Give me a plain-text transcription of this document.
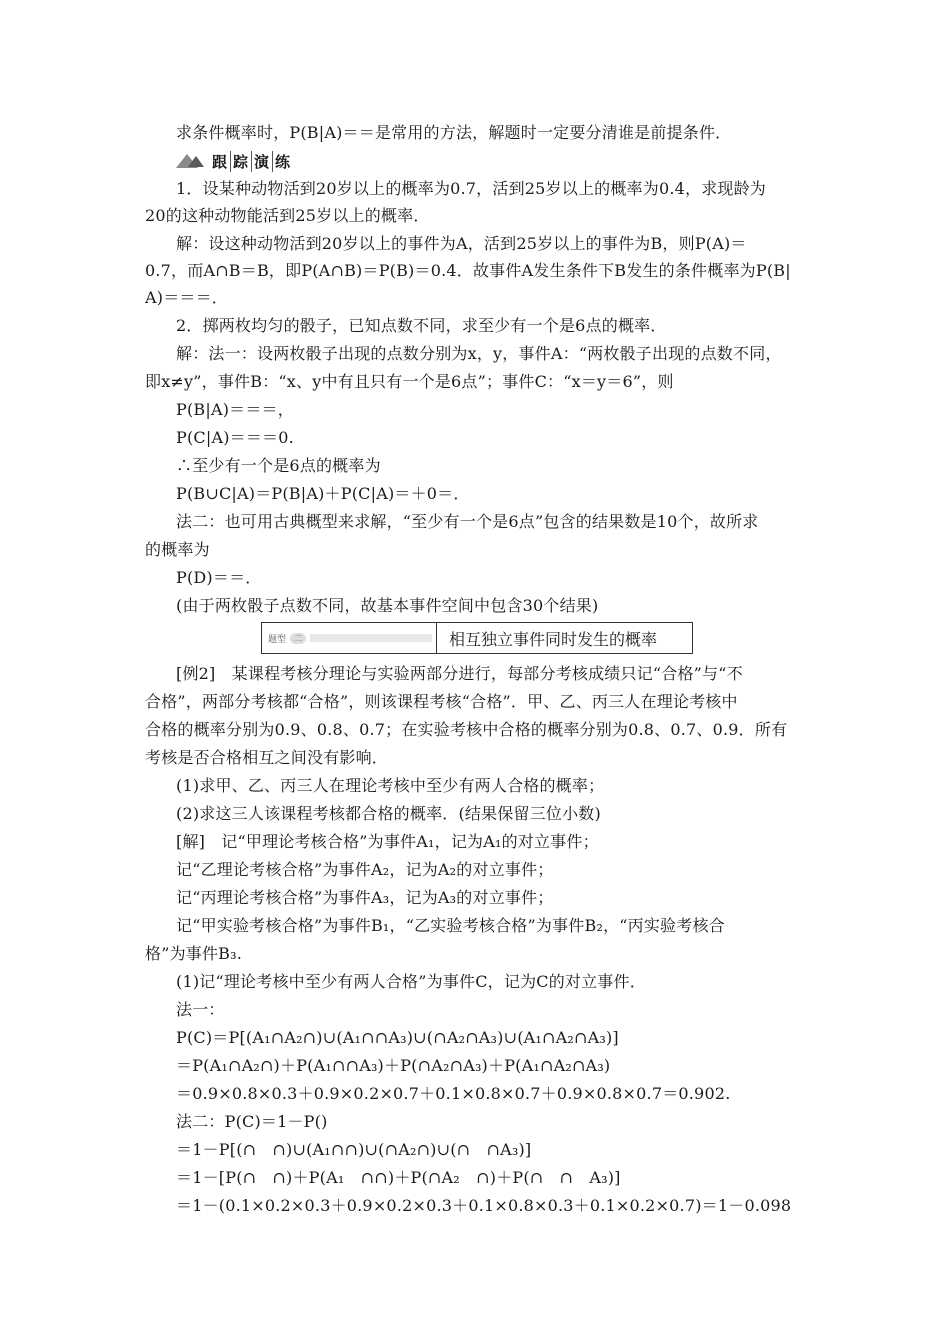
求条件概率时，P(B|A)＝＝是常用的方法，解题时一定要分清谁是前提条件．
跟 踪 演 练
1．设某种动物活到20岁以上的概率为0.7，活到25岁以上的概率为0.4，求现龄为
20的这种动物能活到25岁以上的概率．
解：设这种动物活到20岁以上的事件为A，活到25岁以上的事件为B，则P(A)＝
0.7，而A∩B＝B，即P(A∩B)＝P(B)＝0.4．故事件A发生条件下B发生的条件概率为P(B|
A)＝＝＝．
2．掷两枚均匀的骰子，已知点数不同，求至少有一个是6点的概率．
解：法一：设两枚骰子出现的点数分别为x，y，事件A：“两枚骰子出现的点数不同，
即x≠y”，事件B：“x、y中有且只有一个是6点”；事件C：“x＝y＝6”，则
P(B|A)＝＝＝，
P(C|A)＝＝＝0.
∴至少有一个是6点的概率为
P(B∪C|A)＝P(B|A)＋P(C|A)＝＋0＝．
法二：也可用古典概型来求解，“至少有一个是6点”包含的结果数是10个，故所求
的概率为
P(D)＝＝．
(由于两枚骰子点数不同，故基本事件空间中包含30个结果)
题型	二	相互独立事件同时发生的概率
[例2]　某课程考核分理论与实验两部分进行，每部分考核成绩只记“合格”与“不
合格”，两部分考核都“合格”，则该课程考核“合格”．甲、乙、丙三人在理论考核中
合格的概率分别为0.9、0.8、0.7；在实验考核中合格的概率分别为0.8、0.7、0.9．所有
考核是否合格相互之间没有影响．
(1)求甲、乙、丙三人在理论考核中至少有两人合格的概率；
(2)求这三人该课程考核都合格的概率．(结果保留三位小数)
[解]　记“甲理论考核合格”为事件A₁，记为A₁的对立事件；
记“乙理论考核合格”为事件A₂，记为A₂的对立事件；
记“丙理论考核合格”为事件A₃，记为A₃的对立事件；
记“甲实验考核合格”为事件B₁，“乙实验考核合格”为事件B₂，“丙实验考核合
格”为事件B₃.
(1)记“理论考核中至少有两人合格”为事件C，记为C的对立事件．
法一：
P(C)＝P[(A₁∩A₂∩)∪(A₁∩∩A₃)∪(∩A₂∩A₃)∪(A₁∩A₂∩A₃)]
＝P(A₁∩A₂∩)＋P(A₁∩∩A₃)＋P(∩A₂∩A₃)＋P(A₁∩A₂∩A₃)
＝0.9×0.8×0.3＋0.9×0.2×0.7＋0.1×0.8×0.7＋0.9×0.8×0.7＝0.902.
法二：P(C)＝1－P()
＝1－P[(∩　∩)∪(A₁∩∩)∪(∩A₂∩)∪(∩　∩A₃)]
＝1－[P(∩　∩)＋P(A₁　∩∩)＋P(∩A₂　∩)＋P(∩　∩　A₃)]
＝1－(0.1×0.2×0.3＋0.9×0.2×0.3＋0.1×0.8×0.3＋0.1×0.2×0.7)＝1－0.098
